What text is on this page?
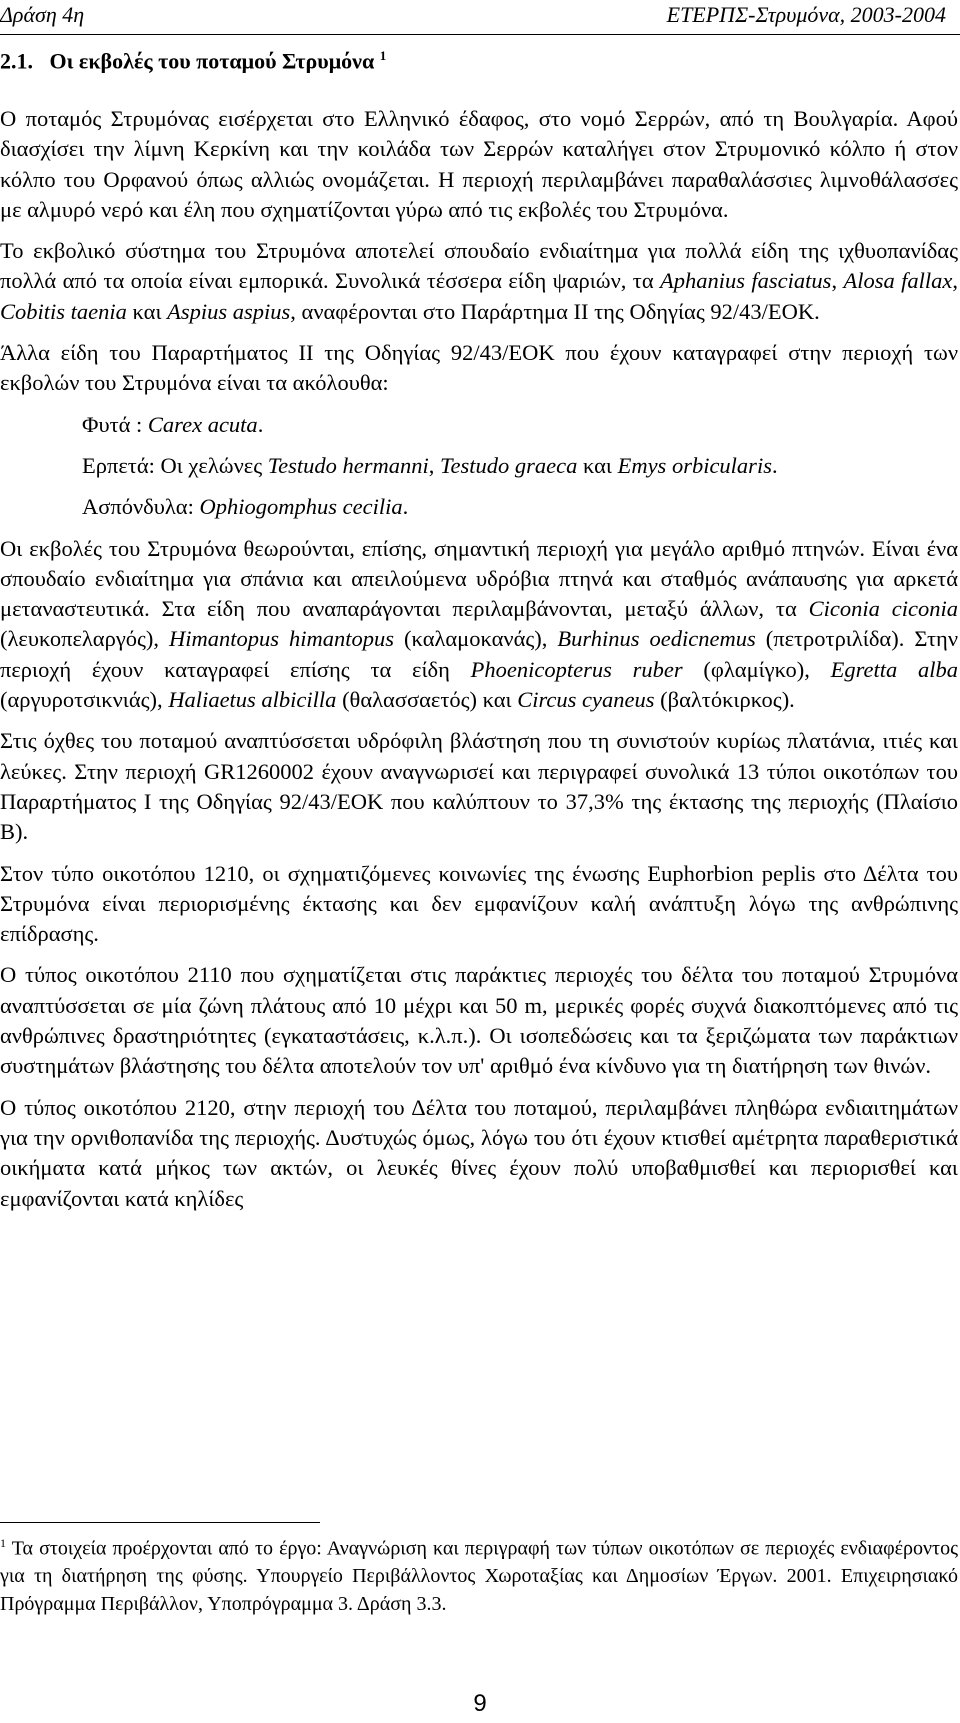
Δράση 4η	ΕΤΕΡΠΣ-Στρυμόνα, 2003-2004
2.1. Οι εκβολές του ποταμού Στρυμόνα $^1$

Ο ποταμός Στρυμόνας εισέρχεται στο Ελληνικό έδαφος, στο νομό Σερρών, από τη Βουλγαρία. Αφού διασχίσει την λίμνη Κερκίνη και την κοιλάδα των Σερρών καταλήγει στον Στρυμονικό κόλπο ή στον κόλπο του Ορφανού όπως αλλιώς ονομάζεται. Η περιοχή περιλαμβάνει παραθαλάσσιες λιμνοθάλασσες με αλμυρό νερό και έλη που σχηματίζονται γύρω από τις εκβολές του Στρυμόνα.

Το εκβολικό σύστημα του Στρυμόνα αποτελεί σπουδαίο ενδιαίτημα για πολλά είδη της ιχθυοπανίδας πολλά από τα οποία είναι εμπορικά. Συνολικά τέσσερα είδη ψαριών, τα Aphanius fasciatus, Alosa fallax, Cobitis taenia και Aspius aspius, αναφέρονται στο Παράρτημα ΙΙ της Οδηγίας 92/43/ΕΟΚ.

Άλλα είδη του Παραρτήματος ΙΙ της Οδηγίας 92/43/ΕΟΚ που έχουν καταγραφεί στην περιοχή των εκβολών του Στρυμόνα είναι τα ακόλουθα:

Φυτά : Carex acuta.

Ερπετά: Οι χελώνες Testudo hermanni, Testudo graeca και Emys orbicularis.

Ασπόνδυλα: Ophiogomphus cecilia.

Οι εκβολές του Στρυμόνα θεωρούνται, επίσης, σημαντική περιοχή για μεγάλο αριθμό πτηνών. Είναι ένα σπουδαίο ενδιαίτημα για σπάνια και απειλούμενα υδρόβια πτηνά και σταθμός ανάπαυσης για αρκετά μεταναστευτικά. Στα είδη που αναπαράγονται περιλαμβάνονται, μεταξύ άλλων, τα Ciconia ciconia (λευκοπελαργός), Himantopus himantopus (καλαμοκανάς), Burhinus oedicnemus (πετροτριλίδα). Στην περιοχή έχουν καταγραφεί επίσης τα είδη Phoenicopterus ruber (φλαμίγκο), Egretta alba (αργυροτσικνιάς), Haliaetus albicilla (θαλασσαετός) και Circus cyaneus (βαλτόκιρκος).

Στις όχθες του ποταμού αναπτύσσεται υδρόφιλη βλάστηση που τη συνιστούν κυρίως πλατάνια, ιτιές και λεύκες. Στην περιοχή GR1260002 έχουν αναγνωρισεί και περιγραφεί συνολικά 13 τύποι οικοτόπων του Παραρτήματος Ι της Οδηγίας 92/43/ΕΟΚ που καλύπτουν το 37,3% της έκτασης της περιοχής (Πλαίσιο Β).

Στον τύπο οικοτόπου 1210, οι σχηματιζόμενες κοινωνίες της ένωσης Euphorbion peplis στο Δέλτα του Στρυμόνα είναι περιορισμένης έκτασης και δεν εμφανίζουν καλή ανάπτυξη λόγω της ανθρώπινης επίδρασης.

Ο τύπος οικοτόπου 2110 που σχηματίζεται στις παράκτιες περιοχές του δέλτα του ποταμού Στρυμόνα αναπτύσσεται σε μία ζώνη πλάτους από 10 μέχρι και 50 m, μερικές φορές συχνά διακοπτόμενες από τις ανθρώπινες δραστηριότητες (εγκαταστάσεις, κ.λ.π.). Οι ισοπεδώσεις και τα ξεριζώματα των παράκτιων συστημάτων βλάστησης του δέλτα αποτελούν τον υπ' αριθμό ένα κίνδυνο για τη διατήρηση των θινών.

Ο τύπος οικοτόπου 2120, στην περιοχή του Δέλτα του ποταμού, περιλαμβάνει πληθώρα ενδιαιτημάτων για την ορνιθοπανίδα της περιοχής. Δυστυχώς όμως, λόγω του ότι έχουν κτισθεί αμέτρητα παραθεριστικά οικήματα κατά μήκος των ακτών, οι λευκές θίνες έχουν πολύ υποβαθμισθεί και περιορισθεί και εμφανίζονται κατά κηλίδες

$^1$ Τα στοιχεία προέρχονται από το έργο: Αναγνώριση και περιγραφή των τύπων οικοτόπων σε περιοχές ενδιαφέροντος για τη διατήρηση της φύσης. Υπουργείο Περιβάλλοντος Χωροταξίας και Δημοσίων Έργων. 2001. Επιχειρησιακό Πρόγραμμα Περιβάλλον, Υποπρόγραμμα 3. Δράση 3.3.
9
